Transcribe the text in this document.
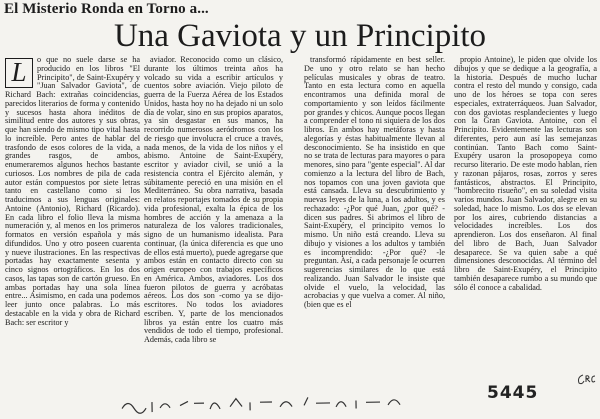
El Misterio Ronda en Torno a...
Una Gaviota y un Principito
L	o que no suele darse se ha producido en los libros "El Principito", de Saint-Exupéry y "Juan Salvador Gaviota", de Richard Bach: extrañas coincidencias, parecidos literarios de forma y contenido y sucesos hasta ahora inéditos de similitud entre dos autores y sus obras, que han siendo de mismo tipo vital hasta lo increíble. Pero antes de hablar del trasfondo de esos colores de la vida, a grandes rasgos, de ambos, enumeraremos algunos hechos bastante curiosos. Los nombres de pila de cada autor están compuestos por siete letras tanto en castellano como si los traducimos a sus lenguas originales: Antoine (Antonio), Richard (Ricardo). En cada libro el folio lleva la misma numeración y, al menos en los primeros formatos en versión española y más difundidos. Uno y otro poseen cuarenta y nueve ilustraciones. En las respectivas portadas hay exactamente sesenta y cinco signos ortográficos. En los dos casos, las tapas son de cartón grueso. En ambas portadas hay una sola línea entre... Asimismo, en cada una podemos leer junto once palabras. Lo más destacable en la vida y obra de Richard Bach: ser escritor y

aviador. Reconocido como un clásico, durante los últimos treinta años ha volcado su vida a escribir artículos y cuentos sobre aviación. Viejo piloto de guerra de la Fuerza Aérea de los Estados Unidos, hasta hoy no ha dejado ni un solo día de volar, sino en sus propios aparatos, ya sin desgastar en sus manos, ha recorrido numerosos aeródromos con los de riesgo que involucra el cruce a través, nada menos, de la vida de los niños y el abismo. Antoine de Saint-Exupéry, escritor y aviador civil, se unió a la resistencia contra el Ejército alemán, y súbitamente pereció en una misión en el Mediterráneo. Su obra narrativa, basada en relatos reportajes tomados de su propia vida profesional, exalta la épica de los hombres de acción y la amenaza a la naturaleza de los valores tradicionales, signo de un humanismo idealista. Para continuar, (la única diferencia es que uno de ellos está muerto), puede agregarse que ambos están en contacto directo con su origen europeo con trabajos específicos en América. Ambos, aviadores. Los dos fueron pilotos de guerra y acróbatas aéreos. Los dos son -como ya se dijo- escritores. No todos los aviadores escriben. Y, parte de los mencionados libros ya están entre los cuatro más vendidos de todo el tiempo, profesional. Además, cada libro se

transformó rápidamente en best seller. De uno y otro relato se han hecho películas musicales y obras de teatro. Tanto en esta lectura como en aquella encontramos una definida moral de comportamiento y son leídos fácilmente por grandes y chicos. Aunque pocos llegan a comprender el tono ni siquiera de los dos libros. En ambos hay metáforas y hasta alegorías y éstas habitualmente llevan al desconocimiento. Se ha insistido en que no se trata de lecturas para mayores o para menores, sino para "gente especial". Al dar comienzo a la lectura del libro de Bach, nos topamos con una joven gaviota que está cansada. Lleva su descubrimiento y nuevas leyes de la luna, a los adultos, y es rechazado: -¿Por qué Juan, ¿por qué? -dicen sus padres. Si abrimos el libro de Saint-Exupéry, el principito vemos lo mismo. Un niño está creando. Lleva su dibujo y visiones a los adultos y también es incomprendido: -¿Por qué? -le preguntan. Así, a cada personaje le ocurren sugerencias similares de lo que está realizando. Juan Salvador le insiste que olvide el vuelo, la velocidad, las acrobacias y que vuelva a comer. Al niño, (bien que es el

propio Antoine), le piden que olvide los dibujos y que se dedique a la geografía, a la historia. Después de mucho luchar contra el resto del mundo y consigo, cada uno de los héroes se topa con seres especiales, extraterráqueos. Juan Salvador, con dos gaviotas resplandecientes y luego con la Gran Gaviota. Antoine, con el Principito. Evidentemente las lecturas son diferentes, pero aun así las semejanzas continúan. Tanto Bach como Saint-Exupéry usaron la prosopopeya como recurso literario. De este modo hablan, ríen y razonan pájaros, rosas, zorros y seres fantásticos, abstractos. El Principito, "hombrecito risueño", en su soledad visita varios mundos. Juan Salvador, alegre en su soledad, hace lo mismo. Los dos se elevan por los aires, cubriendo distancias a velocidades increíbles. Los dos aprendieron. Los dos enseñaron. Al final del libro de Bach, Juan Salvador desaparece. Se va quien sabe a qué dimensiones desconocidas. Al término del libro de Saint-Exupéry, el Principito también desaparece rumbo a su mundo que sólo él conoce a cabalidad.

5445
